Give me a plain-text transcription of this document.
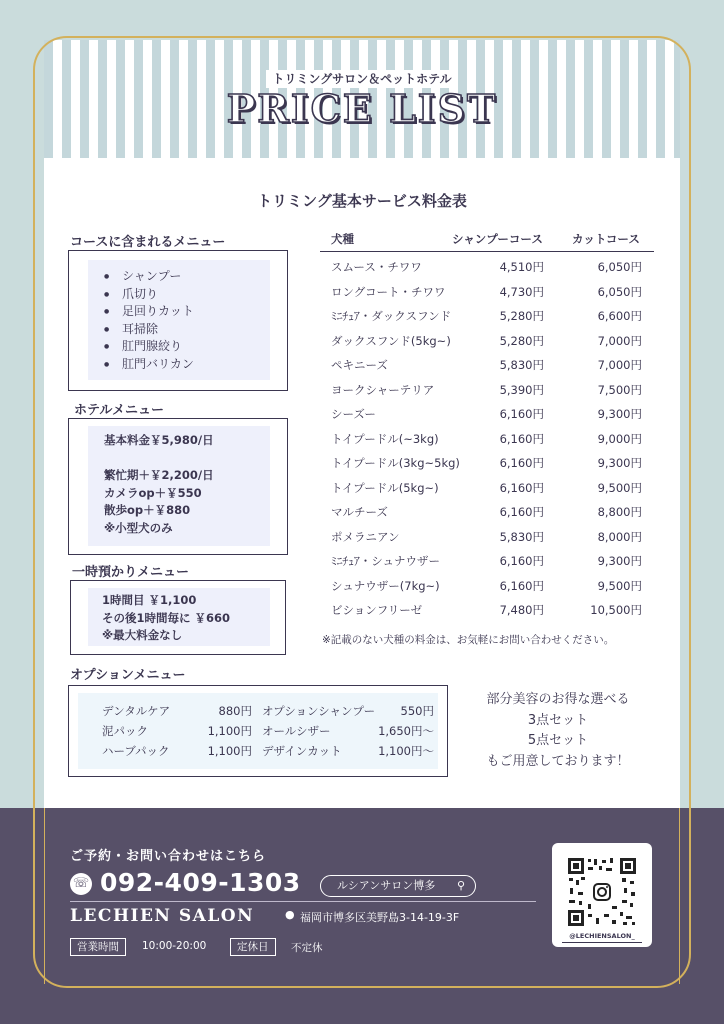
トリミングサロン＆ペットホテル
PRICE LIST
トリミング基本サービス料金表
コースに含まれるメニュー
● シャンプー
● 爪切り
● 足回りカット
● 耳掃除
● 肛門腺絞り
● 肛門バリカン
ホテルメニュー
基本料金￥5,980/日
繁忙期＋￥2,200/日
カメラop＋￥550
散歩op＋￥880
※小型犬のみ
一時預かりメニュー
1時間目 ￥1,100
その後1時間毎に ￥660
※最大料金なし
犬種	シャンプーコース	カットコース
スムース・チワワ	4,510円	6,050円
ロングコート・チワワ	4,730円	6,050円
ﾐﾆﾁｭｱ・ダックスフンド	5,280円	6,600円
ダックスフンド(5kg~)	5,280円	7,000円
ペキニーズ	5,830円	7,000円
ヨークシャーテリア	5,390円	7,500円
シーズー	6,160円	9,300円
トイプードル(~3kg)	6,160円	9,000円
トイプードル(3kg~5kg)	6,160円	9,300円
トイプードル(5kg~)	6,160円	9,500円
マルチーズ	6,160円	8,800円
ポメラニアン	5,830円	8,000円
ﾐﾆﾁｭｱ・シュナウザー	6,160円	9,300円
シュナウザー(7kg~)	6,160円	9,500円
ビションフリーゼ	7,480円	10,500円
※記載のない犬種の料金は、お気軽にお問い合わせください。
オプションメニュー
デンタルケア	880円 オプションシャンプー 550円
泥パック	1,100円 オールシザー	1,650円～
ハーブパック	1,100円 デザインカット	1,100円～
部分美容のお得な選べる
3点セット
5点セット
もご用意しております！
ご予約・お問い合わせはこちら
☏ 092-409-1303	ルシアンサロン博多 ⚲
LECHIEN SALON	● 福岡市博多区美野島3-14-19-3F
営業時間	10:00-20:00	定休日	不定休
@LECHIENSALON_
